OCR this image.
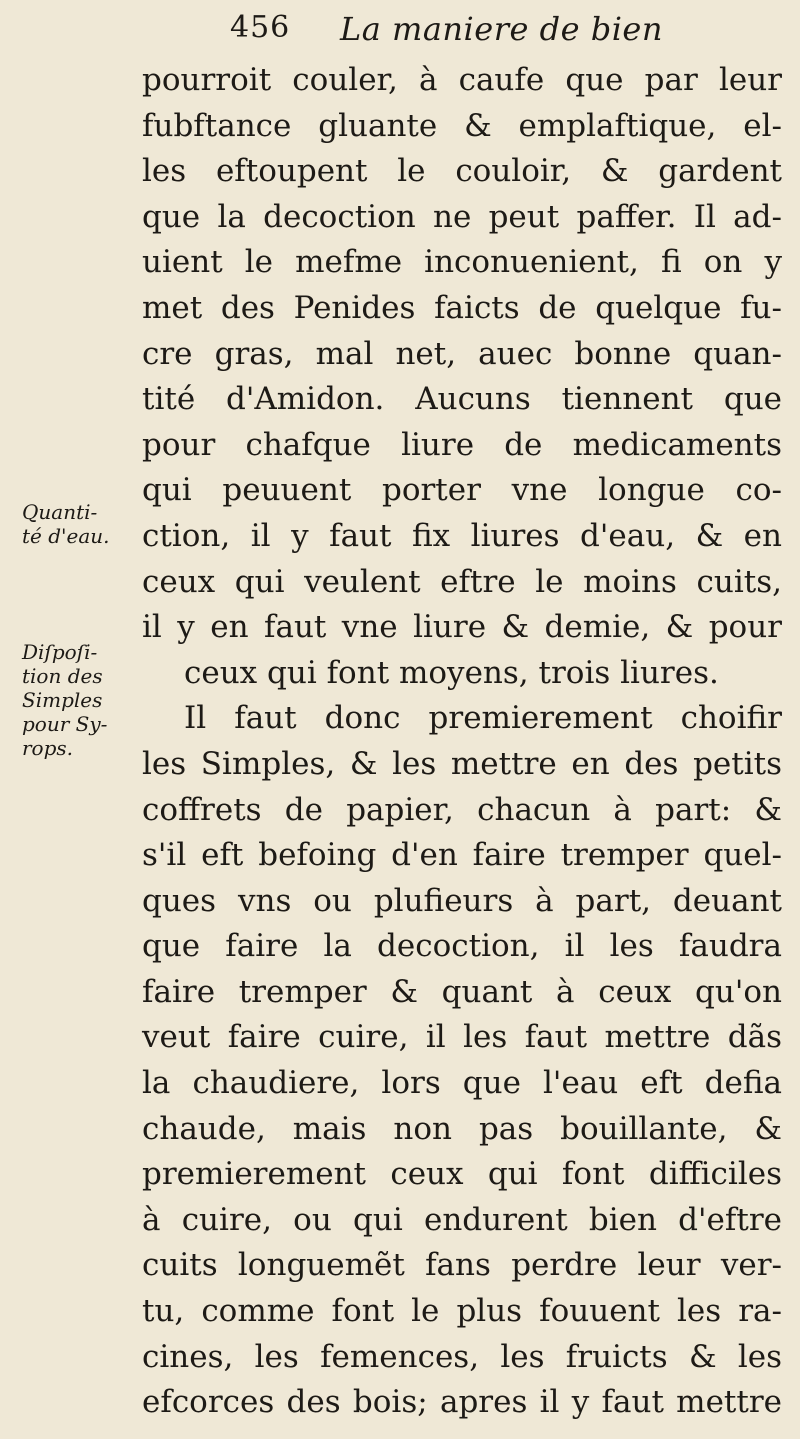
456 La maniere de bien
Quanti-
té d'eau.
Diſpoſi-
tion des
Simples
pour Sy-
rops.
pourroit couler, à caufe que par leur
fubftance gluante & emplaftique, el-
les eftoupent le couloir, & gardent
que la decoction ne peut paffer. Il ad-
uient le mefme inconuenient, fi on y
met des Penides faicts de quelque fu-
cre gras, mal net, auec bonne quan-
tité d'Amidon. Aucuns tiennent que
pour chafque liure de medicaments
qui peuuent porter vne longue co-
ction, il y faut fix liures d'eau, & en
ceux qui veulent eftre le moins cuits,
il y en faut vne liure & demie, & pour
ceux qui font moyens, trois liures.
Il faut donc premierement choifir
les Simples, & les mettre en des petits
coffrets de papier, chacun à part: &
s'il eft befoing d'en faire tremper quel-
ques vns ou plufieurs à part, deuant
que faire la decoction, il les faudra
faire tremper & quant à ceux qu'on
veut faire cuire, il les faut mettre dãs
la chaudiere, lors que l'eau eft defia
chaude, mais non pas bouillante, &
premierement ceux qui font difficiles
à cuire, ou qui endurent bien d'eftre
cuits longuemẽt fans perdre leur ver-
tu, comme font le plus fouuent les ra-
cines, les femences, les fruicts & les
efcorces des bois; apres il y faut mettre
